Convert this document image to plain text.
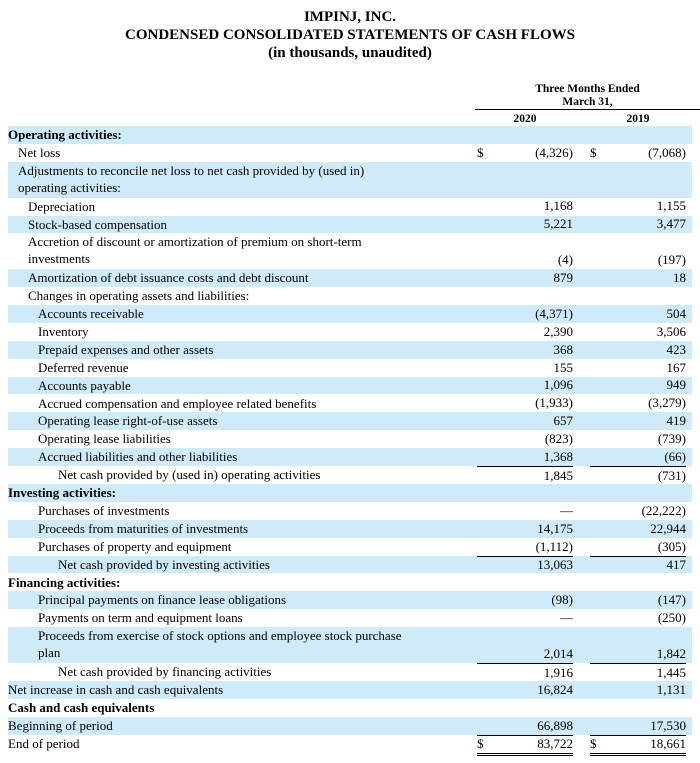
IMPINJ, INC.
CONDENSED CONSOLIDATED STATEMENTS OF CASH FLOWS
(in thousands, unaudited)
Three Months Ended
March 31,
2020	2019
Operating activities:
Net loss	$	(4,326) $	(7,068)
Adjustments to reconcile net loss to net cash provided by (used in)
operating activities:
Depreciation	1,168	1,155
Stock-based compensation	5,221	3,477
Accretion of discount or amortization of premium on short-term
investments	(4)	(197)
Amortization of debt issuance costs and debt discount	879	18
Changes in operating assets and liabilities:
Accounts receivable	(4,371)	504
Inventory	2,390	3,506
Prepaid expenses and other assets	368	423
Deferred revenue	155	167
Accounts payable	1,096	949
Accrued compensation and employee related benefits	(1,933)	(3,279)
Operating lease right-of-use assets	657	419
Operating lease liabilities	(823)	(739)
Accrued liabilities and other liabilities	1,368	(66)
Net cash provided by (used in) operating activities	1,845	(731)
Investing activities:
Purchases of investments	—	(22,222)
Proceeds from maturities of investments	14,175	22,944
Purchases of property and equipment	(1,112)	(305)
Net cash provided by investing activities	13,063	417
Financing activities:
Principal payments on finance lease obligations	(98)	(147)
Payments on term and equipment loans	—	(250)
Proceeds from exercise of stock options and employee stock purchase
plan	2,014	1,842
Net cash provided by financing activities	1,916	1,445
Net increase in cash and cash equivalents	16,824	1,131
Cash and cash equivalents
Beginning of period	66,898	17,530
End of period	$	83,722 $	18,661
